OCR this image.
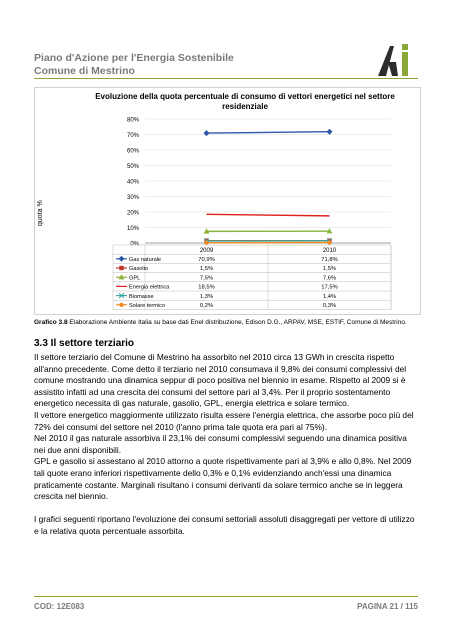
Piano d'Azione per l'Energia Sostenibile
Comune di Mestrino
Evoluzione della quota percentuale di consumo di vettori energetici nel settore residenziale
quota %
0%
10%
20%
30%
40%
50%
60%
70%
80%
2009	2010
Gas naturale	70,9%	71,8%
Gasolio	1,5%	1,5%
GPL	7,5%	7,6%
Energia elettrica	18,5%	17,5%
Biomasse	1,3%	1,4%
Solare termico	0,2%	0,3%
Grafico 3.8 Elaborazione Ambiente Italia su base dati Enel distribuzione, Edison D.G., ARPAV, MSE, ESTIF, Comune di Mestrino.
3.3 Il settore terziario

Il settore terziario del Comune di Mestrino ha assorbito nel 2010 circa 13 GWh in crescita rispetto all'anno precedente. Come detto il terziario nel 2010 consumava il 9,8% dei consumi complessivi del comune mostrando una dinamica seppur di poco positiva nel biennio in esame. Rispetto al 2009 si è assistito infatti ad una crescita dei consumi del settore pari al 3,4%. Per il proprio sostentamento energetico necessita di gas naturale, gasolio, GPL, energia elettrica e solare termico.

Il vettore energetico maggiormente utilizzato risulta essere l'energia elettrica, che assorbe poco più del 72% dei consumi del settore nel 2010 (l'anno prima tale quota era pari al 75%).

Nel 2010 il gas naturale assorbiva il 23,1% dei consumi complessivi seguendo una dinamica positiva nei due anni disponibili.

GPL e gasolio si assestano al 2010 attorno a quote rispettivamente pari al 3,9% e allo 0,8%. Nel 2009 tali quote erano inferiori rispettivamente dello 0,3% e 0,1% evidenziando anch'essi una dinamica praticamente costante. Marginali risultano i consumi derivanti da solare termico anche se in leggera crescita nel biennio.

I grafici seguenti riportano l'evoluzione dei consumi settoriali assoluti disaggregati per vettore di utilizzo e la relativa quota percentuale assorbita.

COD: 12E083	PAGINA 21 / 115
